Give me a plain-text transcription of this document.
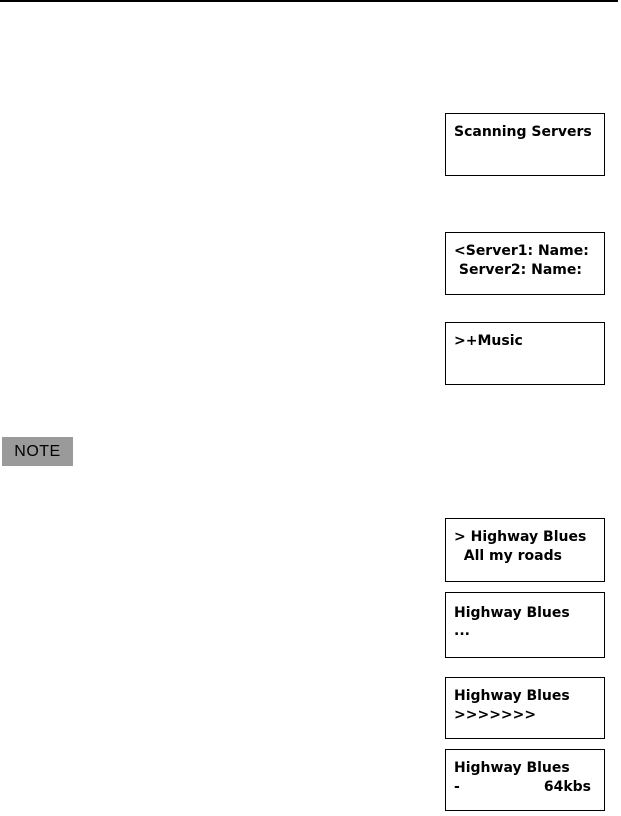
Scanning Servers

<Server1: Name:

Server2: Name:

>+Music

NOTE

> Highway Blues

All my roads

Highway Blues

...

Highway Blues

>>>>>>>

Highway Blues

-

	64kbs
